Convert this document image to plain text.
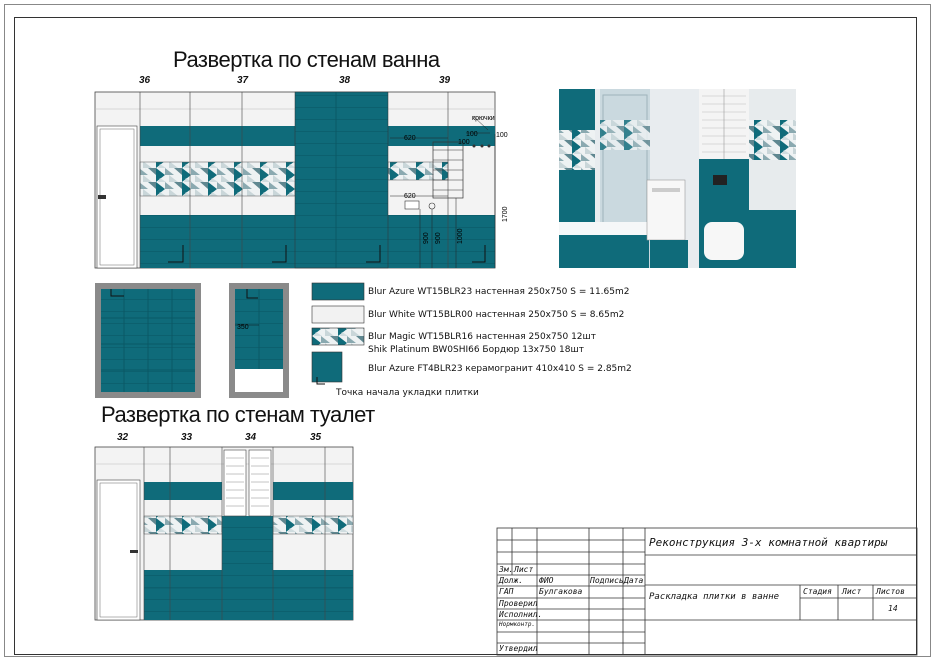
Развертка по стенам ванна
Развертка по стенам туалет
36	37	38	39
32	33	34	35
крючки
620
620
100	100
100
1700
900 900 1000
350
Blur Azure WT15BLR23 настенная 250x750 S = 11.65m2
Blur White WT15BLR00 настенная 250x750 S = 8.65m2
Blur Magic WT15BLR16 настенная 250x750 12шт
Shik Platinum BW0SHI66 Бордюр 13x750 18шт
Blur Azure FT4BLR23 керамогранит 410x410 S = 2.85m2
Точка начала укладки плитки
Реконструкция 3-х комнатной квартиры
Раскладка плитки в ванне
Зм. Лист
Долж. ФИО	Подпись Дата
ГАП	Булгакова
Проверил
Исполнил.
Нормконтр.
Утвердил
Стадия Лист Листов
14
